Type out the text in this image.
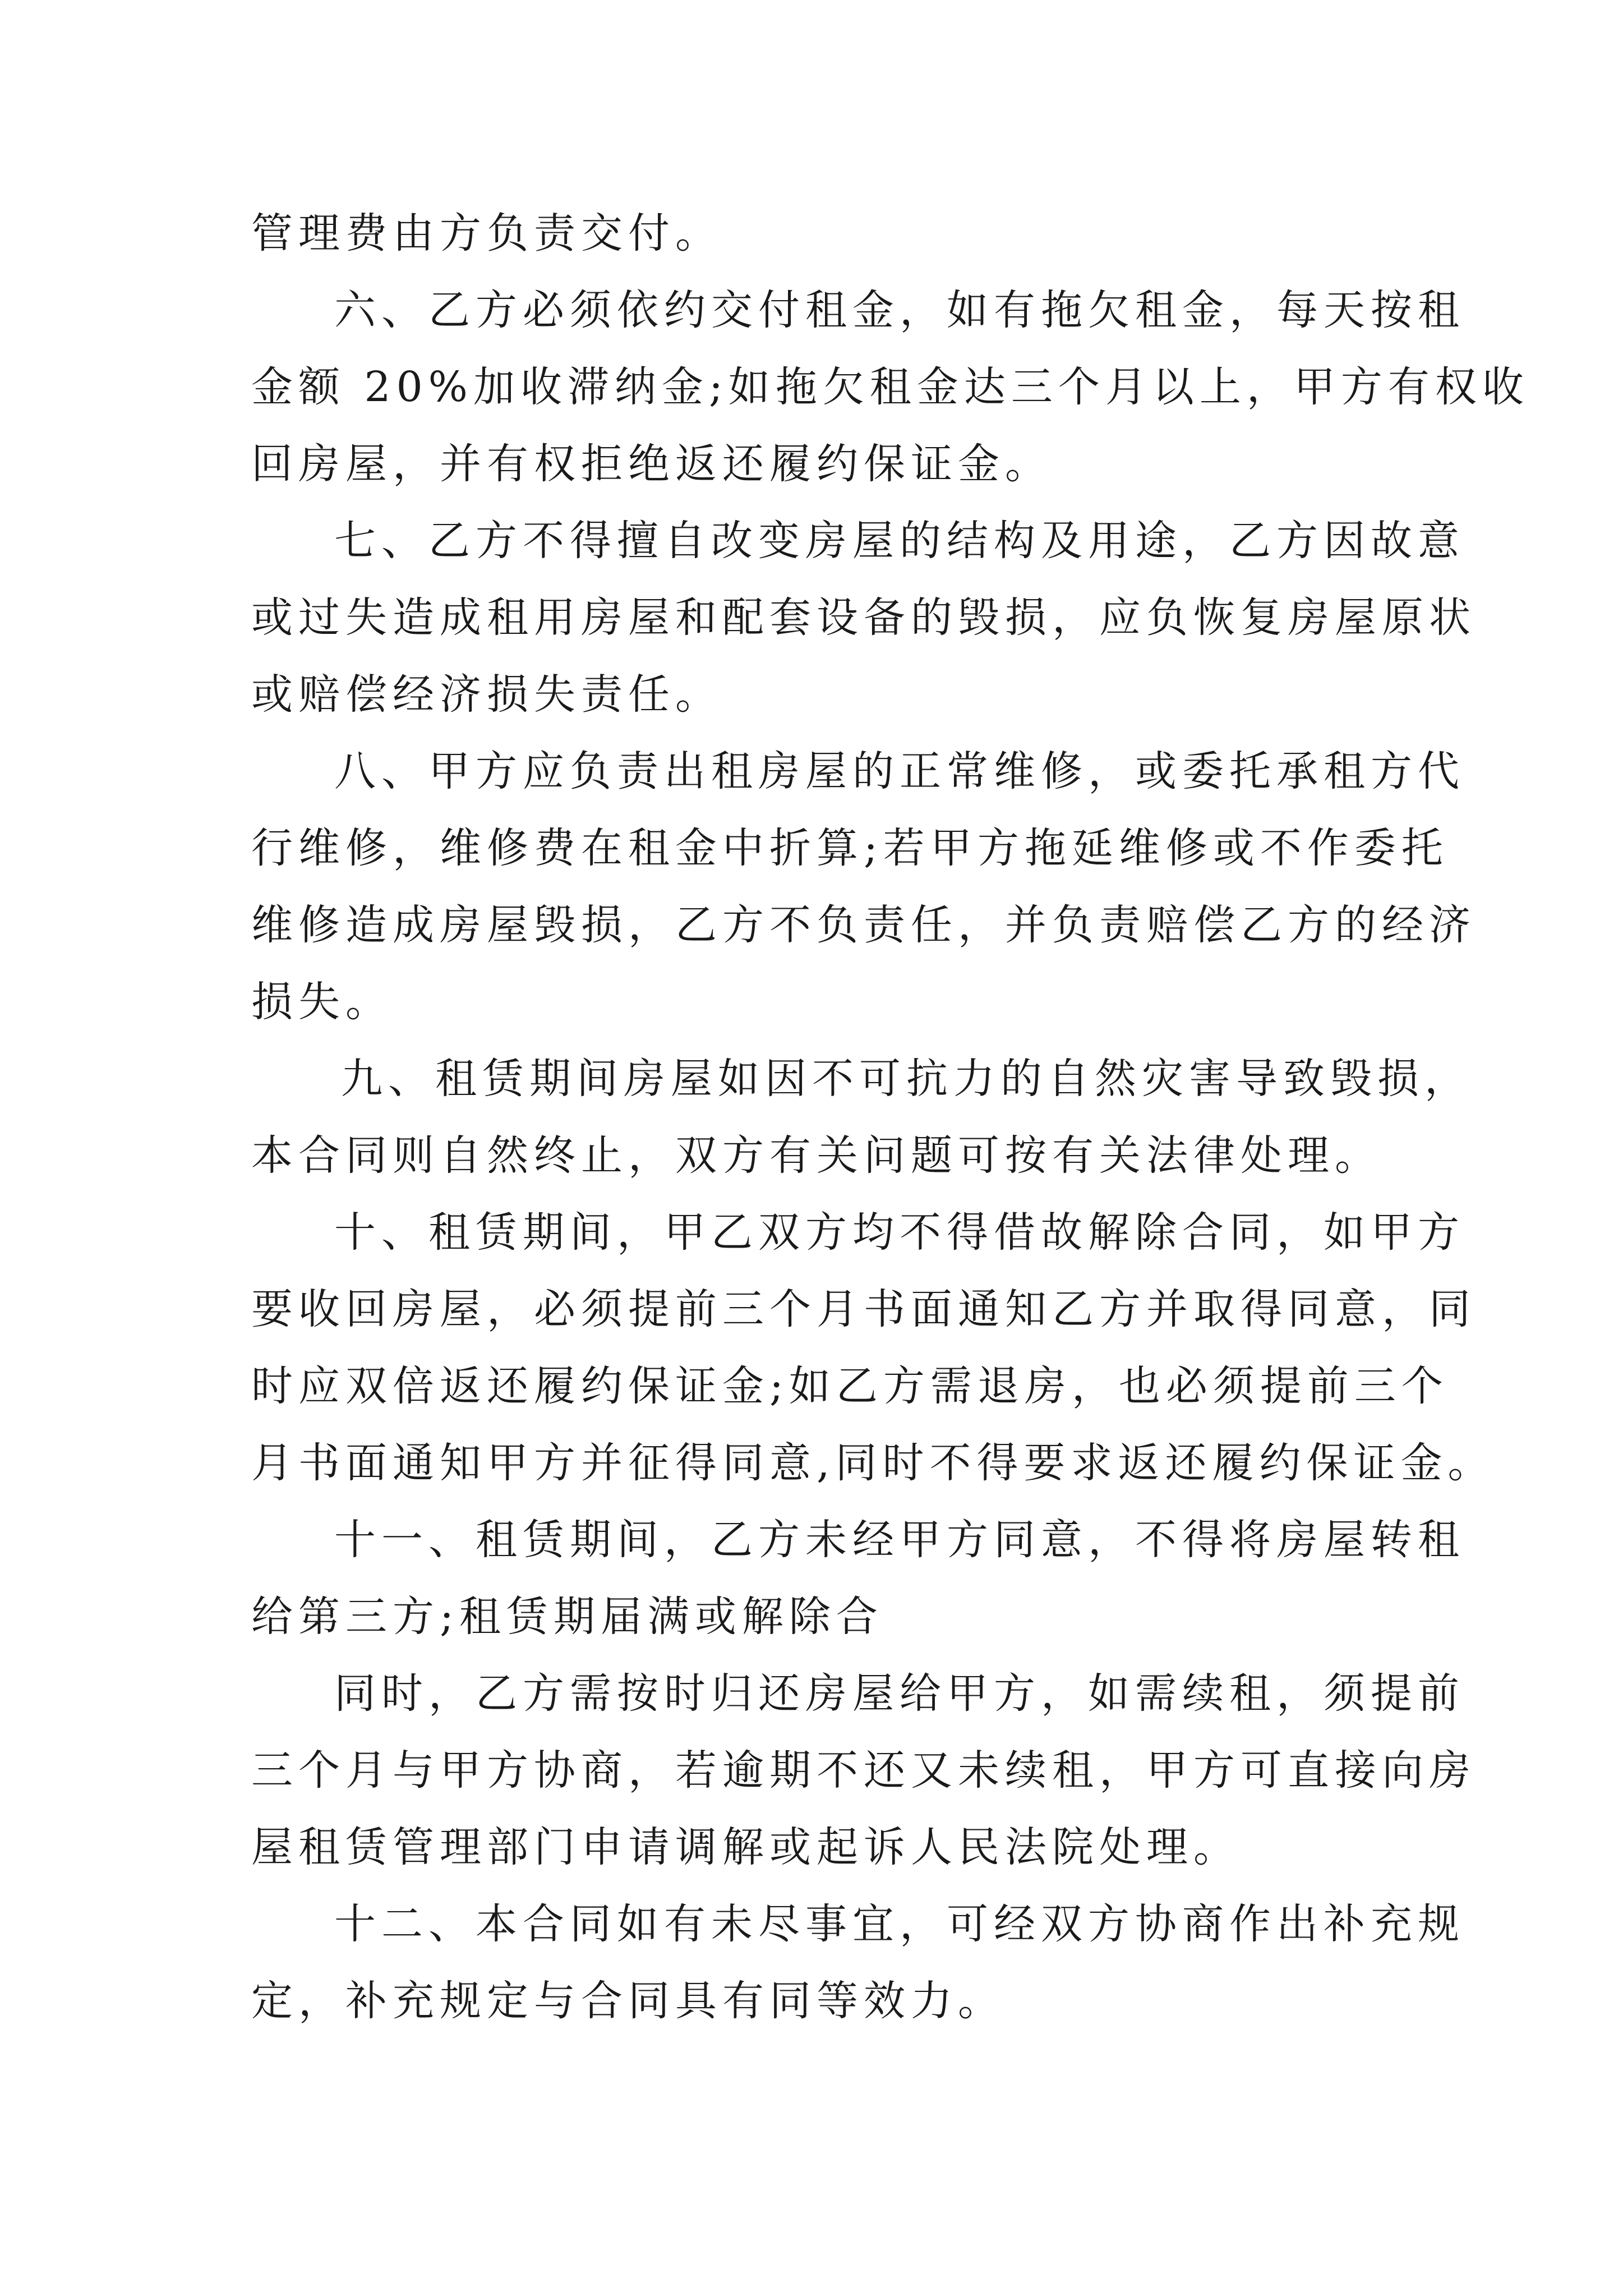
管理费由方负责交付。
六、乙方必须依约交付租金，如有拖欠租金，每天按租
金额 20%加收滞纳金;如拖欠租金达三个月以上，甲方有权收
回房屋，并有权拒绝返还履约保证金。
七、乙方不得擅自改变房屋的结构及用途，乙方因故意
或过失造成租用房屋和配套设备的毁损，应负恢复房屋原状
或赔偿经济损失责任。
八、甲方应负责出租房屋的正常维修，或委托承租方代
行维修，维修费在租金中折算;若甲方拖延维修或不作委托
维修造成房屋毁损，乙方不负责任，并负责赔偿乙方的经济
损失。
九、租赁期间房屋如因不可抗力的自然灾害导致毁损，
本合同则自然终止，双方有关问题可按有关法律处理。
十、租赁期间，甲乙双方均不得借故解除合同，如甲方
要收回房屋，必须提前三个月书面通知乙方并取得同意，同
时应双倍返还履约保证金;如乙方需退房，也必须提前三个
月书面通知甲方并征得同意,同时不得要求返还履约保证金。
十一、租赁期间，乙方未经甲方同意，不得将房屋转租
给第三方;租赁期届满或解除合
同时，乙方需按时归还房屋给甲方，如需续租，须提前
三个月与甲方协商，若逾期不还又未续租，甲方可直接向房
屋租赁管理部门申请调解或起诉人民法院处理。
十二、本合同如有未尽事宜，可经双方协商作出补充规
定，补充规定与合同具有同等效力。
